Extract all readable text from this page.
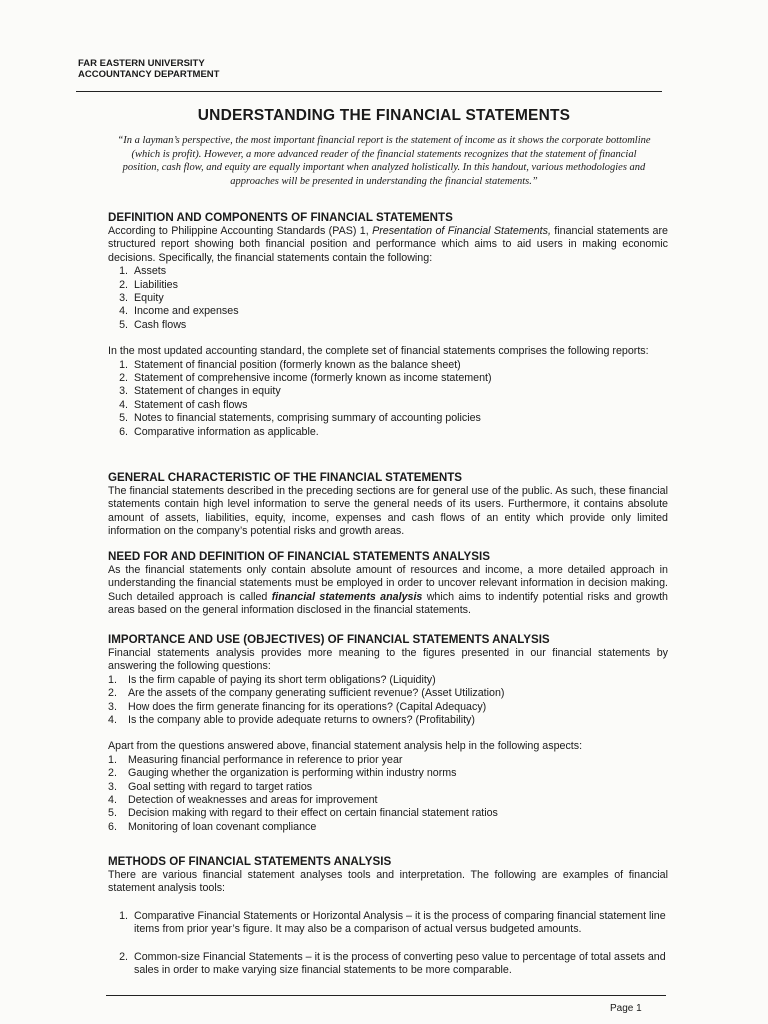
FAR EASTERN UNIVERSITY
ACCOUNTANCY DEPARTMENT
UNDERSTANDING THE FINANCIAL STATEMENTS
“In a layman’s perspective, the most important financial report is the statement of income as it shows the corporate bottomline (which is profit). However, a more advanced reader of the financial statements recognizes that the statement of financial position, cash flow, and equity are equally important when analyzed holistically. In this handout, various methodologies and approaches will be presented in understanding the financial statements.”
DEFINITION AND COMPONENTS OF FINANCIAL STATEMENTS

According to Philippine Accounting Standards (PAS) 1, Presentation of Financial Statements, financial statements are structured report showing both financial position and performance which aims to aid users in making economic decisions. Specifically, the financial statements contain the following:

1. Assets
2. Liabilities
3. Equity
4. Income and expenses
5. Cash flows

In the most updated accounting standard, the complete set of financial statements comprises the following reports:

1. Statement of financial position (formerly known as the balance sheet)
2. Statement of comprehensive income (formerly known as income statement)
3. Statement of changes in equity
4. Statement of cash flows
5. Notes to financial statements, comprising summary of accounting policies
6. Comparative information as applicable.
GENERAL CHARACTERISTIC OF THE FINANCIAL STATEMENTS

The financial statements described in the preceding sections are for general use of the public. As such, these financial statements contain high level information to serve the general needs of its users. Furthermore, it contains absolute amount of assets, liabilities, equity, income, expenses and cash flows of an entity which provide only limited information on the company’s potential risks and growth areas.

NEED FOR AND DEFINITION OF FINANCIAL STATEMENTS ANALYSIS

As the financial statements only contain absolute amount of resources and income, a more detailed approach in understanding the financial statements must be employed in order to uncover relevant information in decision making. Such detailed approach is called financial statements analysis which aims to indentify potential risks and growth areas based on the general information disclosed in the financial statements.

IMPORTANCE AND USE (OBJECTIVES) OF FINANCIAL STATEMENTS ANALYSIS

Financial statements analysis provides more meaning to the figures presented in our financial statements by answering the following questions:

1. Is the firm capable of paying its short term obligations? (Liquidity)
2. Are the assets of the company generating sufficient revenue? (Asset Utilization)
3. How does the firm generate financing for its operations? (Capital Adequacy)
4. Is the company able to provide adequate returns to owners? (Profitability)

Apart from the questions answered above, financial statement analysis help in the following aspects:

1. Measuring financial performance in reference to prior year
2. Gauging whether the organization is performing within industry norms
3. Goal setting with regard to target ratios
4. Detection of weaknesses and areas for improvement
5. Decision making with regard to their effect on certain financial statement ratios
6. Monitoring of loan covenant compliance
METHODS OF FINANCIAL STATEMENTS ANALYSIS

There are various financial statement analyses tools and interpretation. The following are examples of financial statement analysis tools:

1. Comparative Financial Statements or Horizontal Analysis – it is the process of comparing financial statement line items from prior year’s figure. It may also be a comparison of actual versus budgeted amounts.
2. Common-size Financial Statements – it is the process of converting peso value to percentage of total assets and sales in order to make varying size financial statements to be more comparable.
Page 1
